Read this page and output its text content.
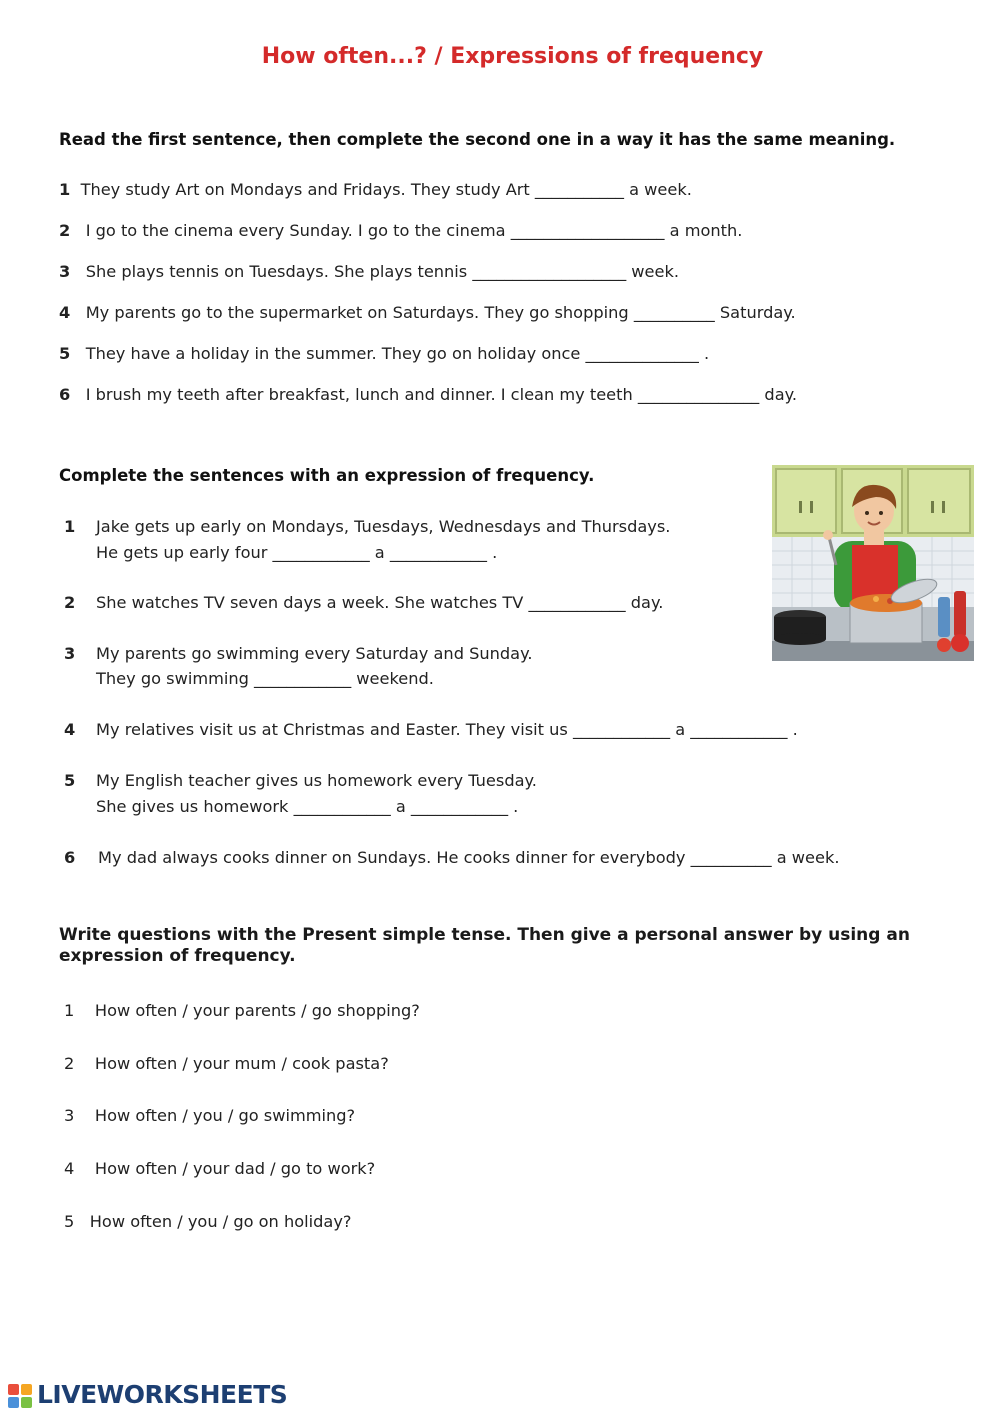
How often...? / Expressions of frequency
Read the first sentence, then complete the second one in a way it has the same meaning.
1 They study Art on Mondays and Fridays. They study Art ___________ a week.
2 I go to the cinema every Sunday. I go to the cinema ___________________ a month.
3 She plays tennis on Tuesdays. She plays tennis ___________________ week.
4 My parents go to the supermarket on Saturdays. They go shopping __________ Saturday.
5 They have a holiday in the summer. They go on holiday once ______________ .
6 I brush my teeth after breakfast, lunch and dinner. I clean my teeth _______________ day.
Complete the sentences with an expression of frequency.
1 Jake gets up early on Mondays, Tuesdays, Wednesdays and Thursdays.
He gets up early four ____________ a ____________ .
2 She watches TV seven days a week. She watches TV ____________ day.
3 My parents go swimming every Saturday and Sunday.
They go swimming ____________ weekend.
4 My relatives visit us at Christmas and Easter. They visit us ____________ a ____________ .
5 My English teacher gives us homework every Tuesday.
She gives us homework ____________ a ____________ .
6 My dad always cooks dinner on Sundays. He cooks dinner for everybody __________ a week.
Write questions with the Present simple tense. Then give a personal answer by using an expression of frequency.
1 How often / your parents / go shopping?
2 How often / your mum / cook pasta?
3 How often / you / go swimming?
4 How often / your dad / go to work?
5 How often / you / go on holiday?
LIVEWORKSHEETS
